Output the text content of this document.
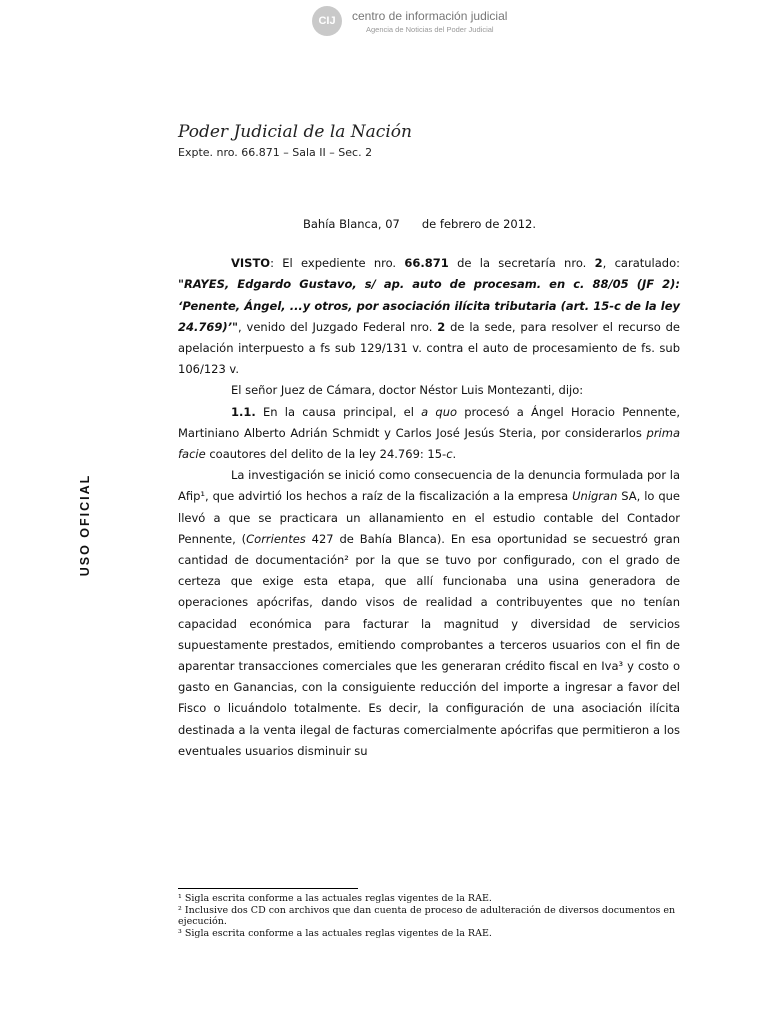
CIJ	centro de información judicial
Agencia de Noticias del Poder Judicial
USO OFICIAL
Poder Judicial de la Nación
Expte. nro. 66.871 – Sala II – Sec. 2

Bahía Blanca, 07 de febrero de 2012.

VISTO: El expediente nro. 66.871 de la secretaría nro. 2, caratulado: "RAYES, Edgardo Gustavo, s/ ap. auto de procesam. en c. 88/05 (JF 2): ‘Penente, Ángel, ...y otros, por asociación ilícita tributaria (art. 15-c de la ley 24.769)’", venido del Juzgado Federal nro. 2 de la sede, para resolver el recurso de apelación interpuesto a fs sub 129/131 v. contra el auto de procesamiento de fs. sub 106/123 v.

El señor Juez de Cámara, doctor Néstor Luis Montezanti, dijo:

1.1. En la causa principal, el a quo procesó a Ángel Horacio Pennente, Martiniano Alberto Adrián Schmidt y Carlos José Jesús Steria, por considerarlos prima facie coautores del delito de la ley 24.769: 15-c.

La investigación se inició como consecuencia de la denuncia formulada por la Afip¹, que advirtió los hechos a raíz de la fiscalización a la empresa Unigran SA, lo que llevó a que se practicara un allanamiento en el estudio contable del Contador Pennente, (Corrientes 427 de Bahía Blanca). En esa oportunidad se secuestró gran cantidad de documentación² por la que se tuvo por configurado, con el grado de certeza que exige esta etapa, que allí funcionaba una usina generadora de operaciones apócrifas, dando visos de realidad a contribuyentes que no tenían capacidad económica para facturar la magnitud y diversidad de servicios supuestamente prestados, emitiendo comprobantes a terceros usuarios con el fin de aparentar transacciones comerciales que les generaran crédito fiscal en Iva³ y costo o gasto en Ganancias, con la consiguiente reducción del importe a ingresar a favor del Fisco o licuándolo totalmente. Es decir, la configuración de una asociación ilícita destinada a la venta ilegal de facturas comercialmente apócrifas que permitieron a los eventuales usuarios disminuir su

¹ Sigla escrita conforme a las actuales reglas vigentes de la RAE.

² Inclusive dos CD con archivos que dan cuenta de proceso de adulteración de diversos documentos en ejecución.

³ Sigla escrita conforme a las actuales reglas vigentes de la RAE.
